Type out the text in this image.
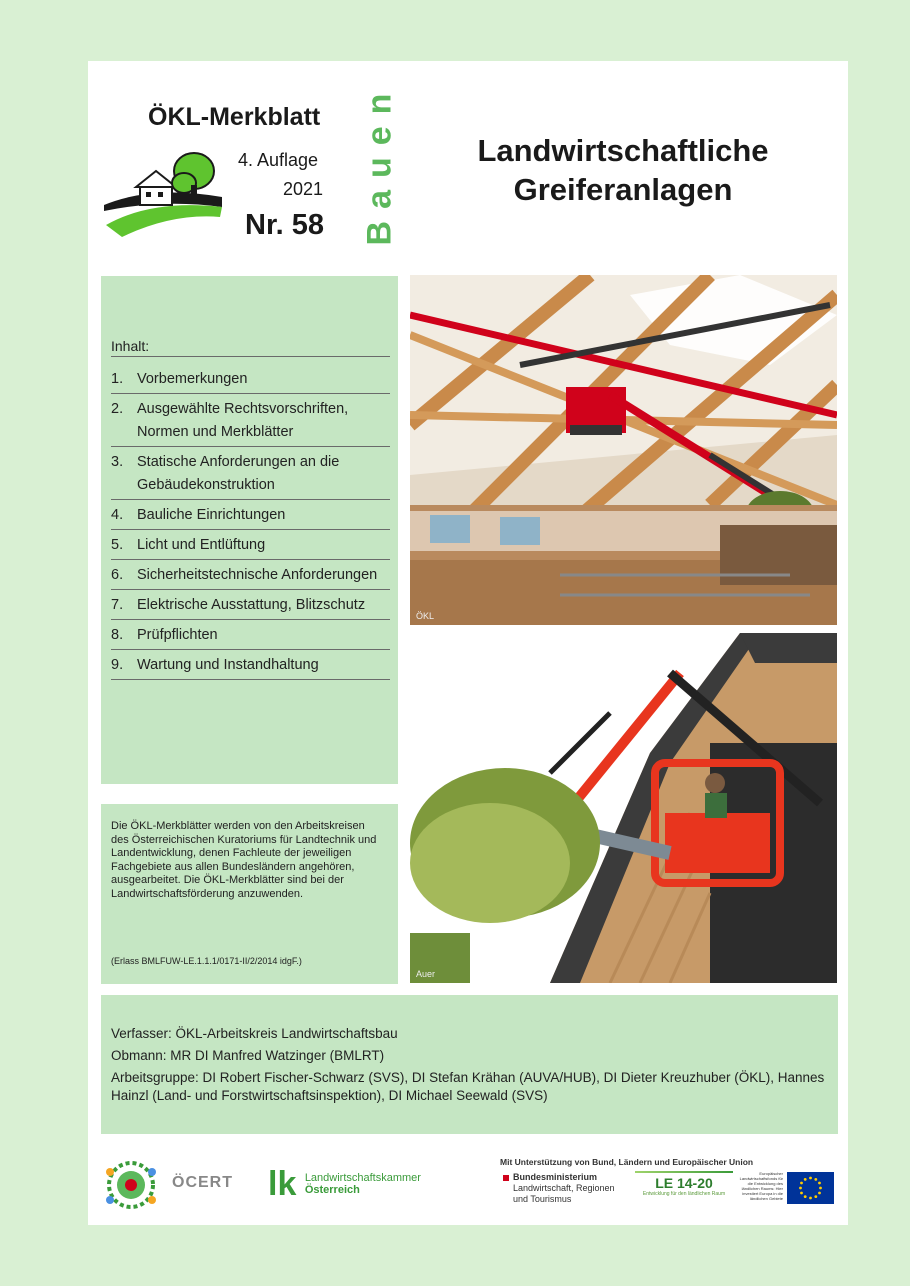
ÖKL-Merkblatt
4. Auflage
2021
Nr. 58 Bauen	Landwirtschaftliche
Greiferanlagen
Inhalt:
1. Vorbemerkungen
2. Ausgewählte Rechtsvorschriften, Normen und Merkblätter
3. Statische Anforderungen an die Gebäudekonstruktion
4. Bauliche Einrichtungen
5. Licht und Entlüftung
6. Sicherheitstechnische Anforderungen
7. Elektrische Ausstattung, Blitzschutz
8. Prüfpflichten
9. Wartung und Instandhaltung
Die ÖKL-Merkblätter werden von den Arbeitskreisen des Österreichischen Kuratoriums für Landtechnik und Landentwicklung, denen Fachleute der jeweiligen Fachgebiete aus allen Bundesländern angehören, ausgearbeitet. Die ÖKL-Merkblätter sind bei der Landwirtschaftsförderung anzuwenden.
(Erlass BMLFUW-LE.1.1.1/0171-II/2/2014 idgF.)
ÖKL
Auer
Verfasser: ÖKL-Arbeitskreis Landwirtschaftsbau
Obmann: MR DI Manfred Watzinger (BMLRT)
Arbeitsgruppe: DI Robert Fischer-Schwarz (SVS), DI Stefan Krähan (AUVA/HUB), DI Dieter Kreuzhuber (ÖKL), Hannes Hainzl (Land- und Forstwirtschaftsinspektion), DI Michael Seewald (SVS)
ÖCERT lk Landwirtschaftskammer
Österreich
Mit Unterstützung von Bund, Ländern und Europäischer Union
Bundesministerium
Landwirtschaft, Regionen
und Tourismus
LE 14-20
Entwicklung für den ländlichen Raum
Europäischer Landwirtschaftsfonds für die Entwicklung des ländlichen Raums: Hier investiert Europa in die ländlichen Gebiete
